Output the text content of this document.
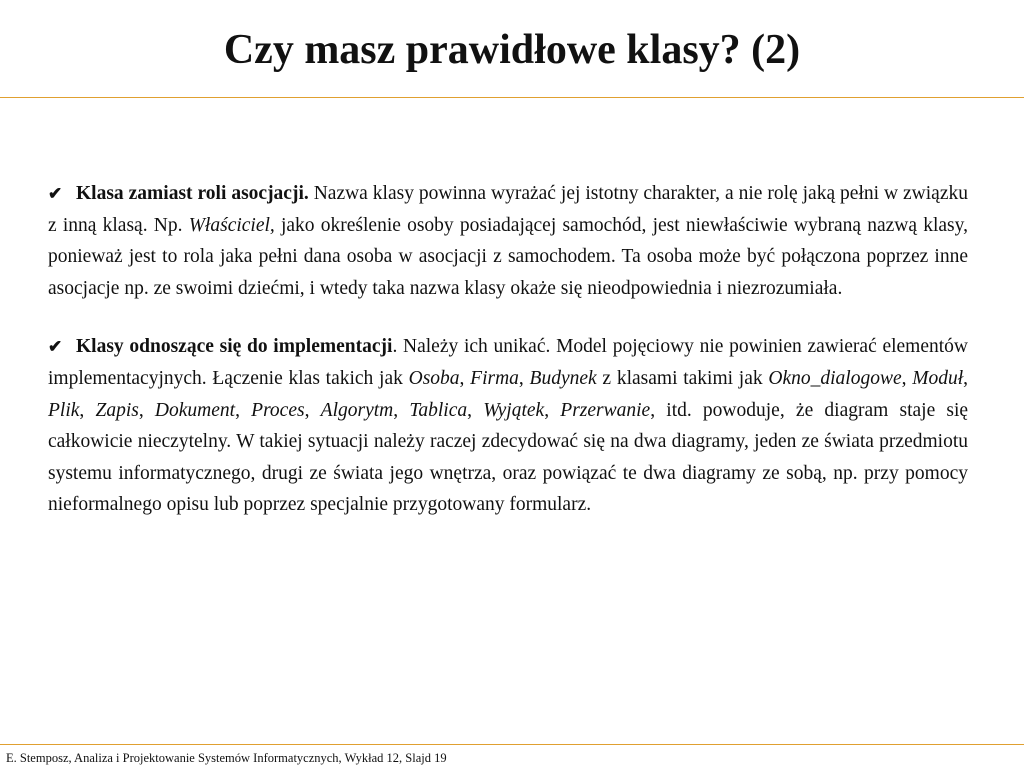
Czy masz prawidłowe klasy? (2)

✔ Klasa zamiast roli asocjacji. Nazwa klasy powinna wyrażać jej istotny charakter, a nie rolę jaką pełni w związku z inną klasą. Np. Właściciel, jako określenie osoby posiadającej samochód, jest niewłaściwie wybraną nazwą klasy, ponieważ jest to rola jaka pełni dana osoba w asocjacji z samochodem. Ta osoba może być połączona poprzez inne asocjacje np. ze swoimi dziećmi, i wtedy taka nazwa klasy okaże się nieodpowiednia i niezrozumiała.

✔ Klasy odnoszące się do implementacji. Należy ich unikać. Model pojęciowy nie powinien zawierać elementów implementacyjnych. Łączenie klas takich jak Osoba, Firma, Budynek z klasami takimi jak Okno_dialogowe, Moduł, Plik, Zapis, Dokument, Proces, Algorytm, Tablica, Wyjątek, Przerwanie, itd. powoduje, że diagram staje się całkowicie nieczytelny. W takiej sytuacji należy raczej zdecydować się na dwa diagramy, jeden ze świata przedmiotu systemu informatycznego, drugi ze świata jego wnętrza, oraz powiązać te dwa diagramy ze sobą, np. przy pomocy nieformalnego opisu lub poprzez specjalnie przygotowany formularz.

E. Stemposz, Analiza i Projektowanie Systemów Informatycznych, Wykład 12, Slajd 19
